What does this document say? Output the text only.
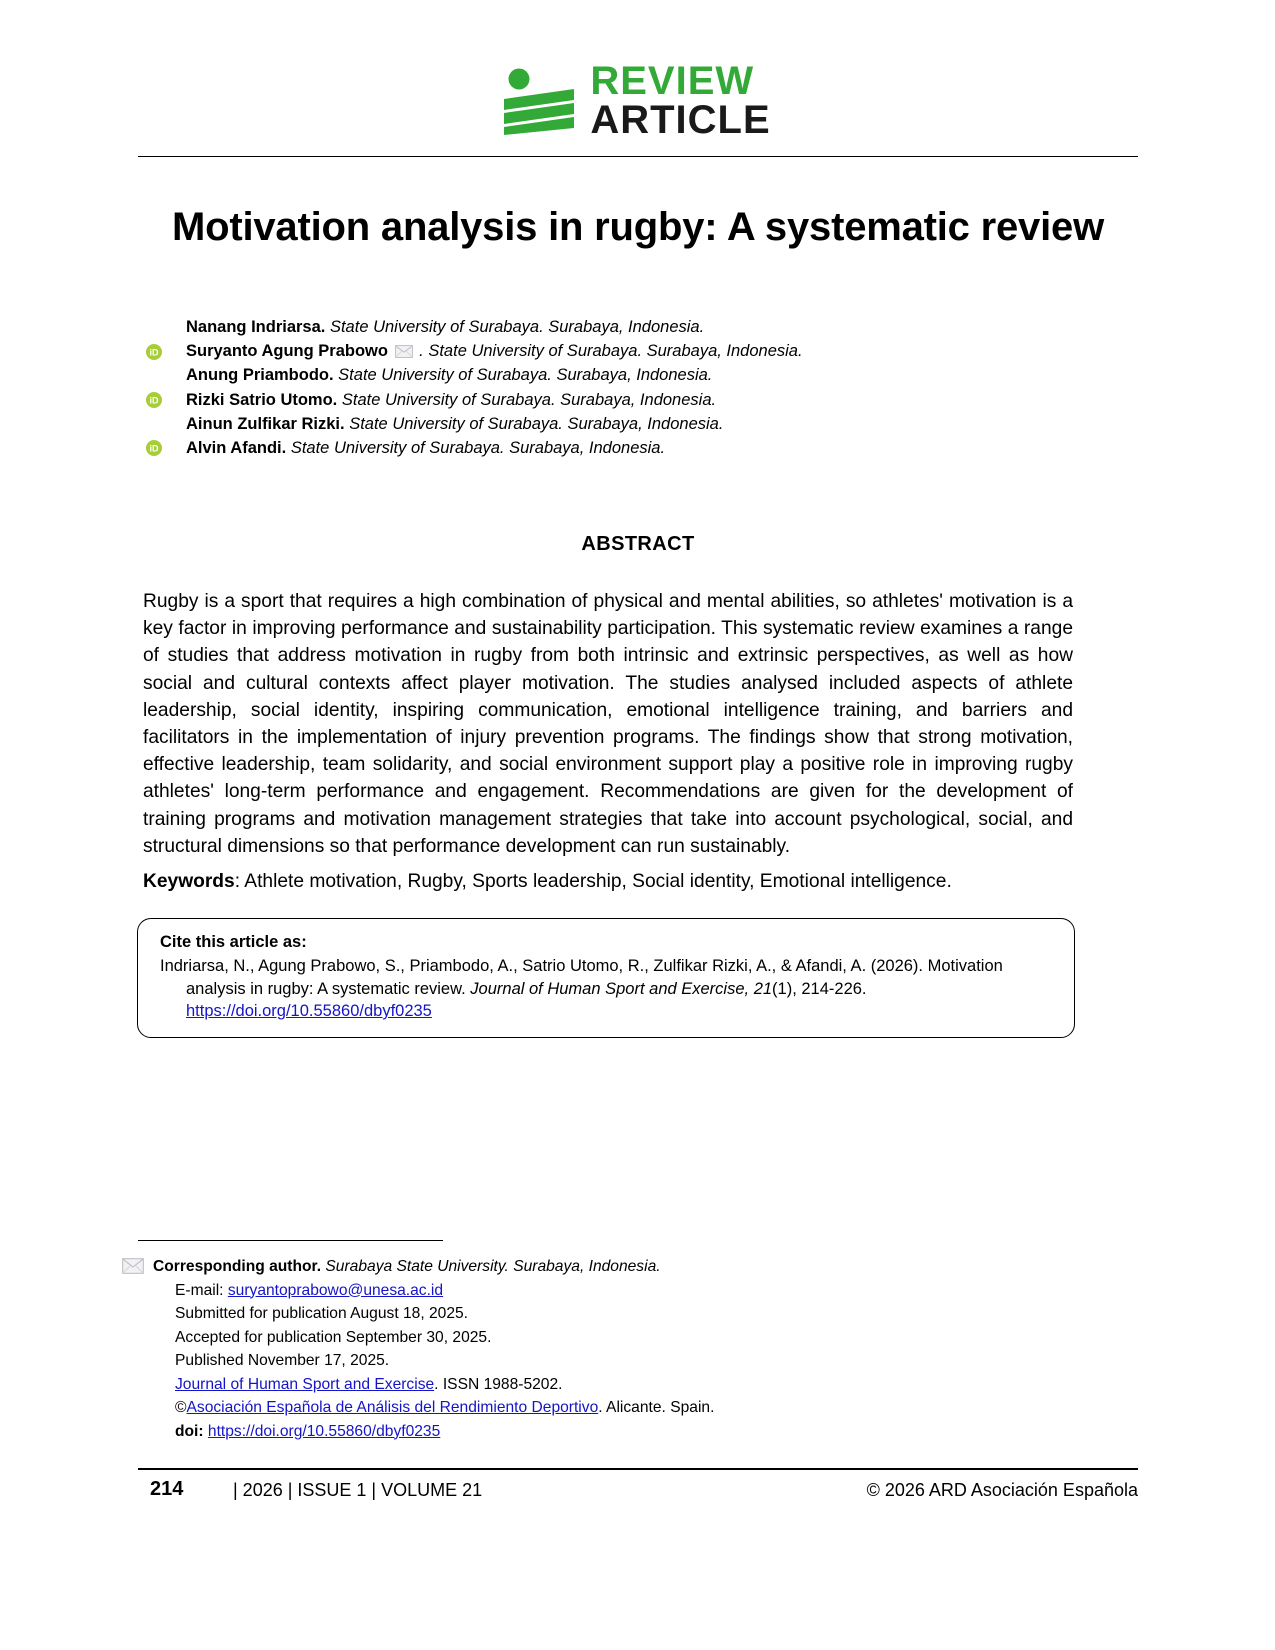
REVIEW
ARTICLE
Motivation analysis in rugby: A systematic review
Nanang Indriarsa. State University of Surabaya. Surabaya, Indonesia.
iD Suryanto Agung Prabowo . State University of Surabaya. Surabaya, Indonesia.
Anung Priambodo. State University of Surabaya. Surabaya, Indonesia.
iD Rizki Satrio Utomo. State University of Surabaya. Surabaya, Indonesia.
Ainun Zulfikar Rizki. State University of Surabaya. Surabaya, Indonesia.
iD Alvin Afandi. State University of Surabaya. Surabaya, Indonesia.
ABSTRACT
Rugby is a sport that requires a high combination of physical and mental abilities, so athletes' motivation is a key factor in improving performance and sustainability participation. This systematic review examines a range of studies that address motivation in rugby from both intrinsic and extrinsic perspectives, as well as how social and cultural contexts affect player motivation. The studies analysed included aspects of athlete leadership, social identity, inspiring communication, emotional intelligence training, and barriers and facilitators in the implementation of injury prevention programs. The findings show that strong motivation, effective leadership, team solidarity, and social environment support play a positive role in improving rugby athletes' long-term performance and engagement. Recommendations are given for the development of training programs and motivation management strategies that take into account psychological, social, and structural dimensions so that performance development can run sustainably.
Keywords: Athlete motivation, Rugby, Sports leadership, Social identity, Emotional intelligence.
Cite this article as:
Indriarsa, N., Agung Prabowo, S., Priambodo, A., Satrio Utomo, R., Zulfikar Rizki, A., & Afandi, A. (2026). Motivation analysis in rugby: A systematic review. Journal of Human Sport and Exercise, 21(1), 214-226. https://doi.org/10.55860/dbyf0235
Corresponding author. Surabaya State University. Surabaya, Indonesia.
E-mail: suryantoprabowo@unesa.ac.id
Submitted for publication August 18, 2025.
Accepted for publication September 30, 2025.
Published November 17, 2025.
Journal of Human Sport and Exercise. ISSN 1988-5202.
©Asociación Española de Análisis del Rendimiento Deportivo. Alicante. Spain.
doi: https://doi.org/10.55860/dbyf0235
214	| 2026 | ISSUE 1 | VOLUME 21	© 2026 ARD Asociación Española
